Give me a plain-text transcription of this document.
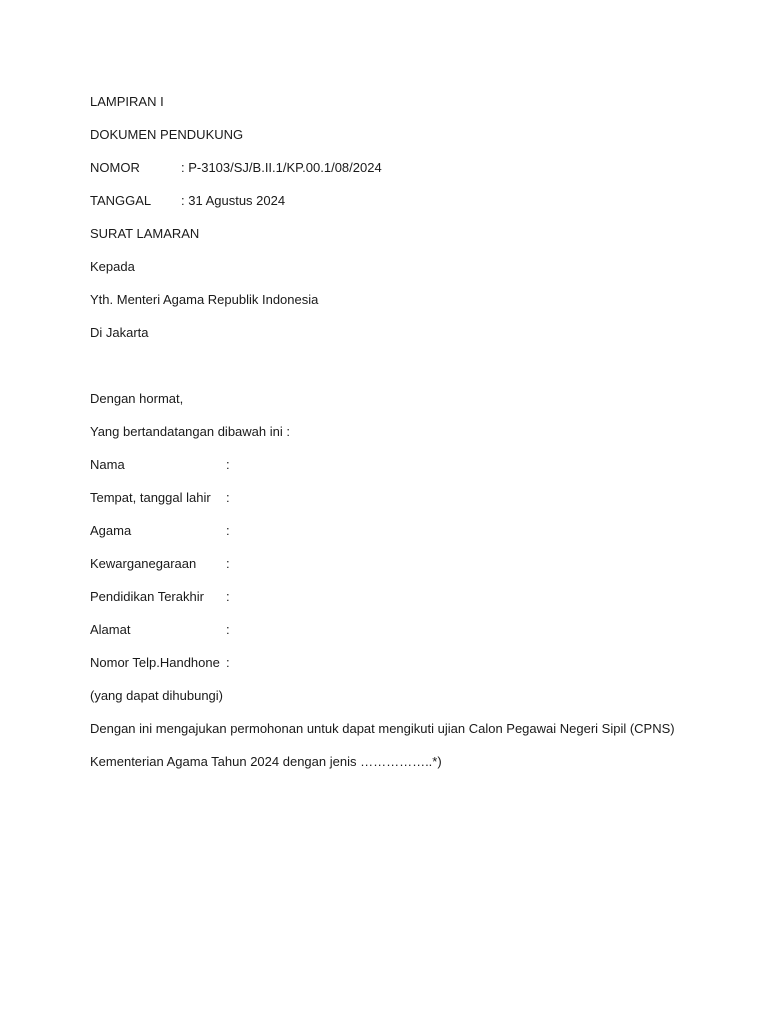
LAMPIRAN I
DOKUMEN PENDUKUNG
NOMOR	: P-3103/SJ/B.II.1/KP.00.1/08/2024
TANGGAL : 31 Agustus 2024
SURAT LAMARAN
Kepada
Yth. Menteri Agama Republik Indonesia
Di Jakarta
Dengan hormat,
Yang bertandatangan dibawah ini :
Nama	:
Tempat, tanggal lahir :
Agama	:
Kewarganegaraan :
Pendidikan Terakhir :
Alamat	:
Nomor Telp.Handhone :
(yang dapat dihubungi)
Dengan ini mengajukan permohonan untuk dapat mengikuti ujian Calon Pegawai Negeri Sipil (CPNS)
Kementerian Agama Tahun 2024 dengan jenis ……………..*)
